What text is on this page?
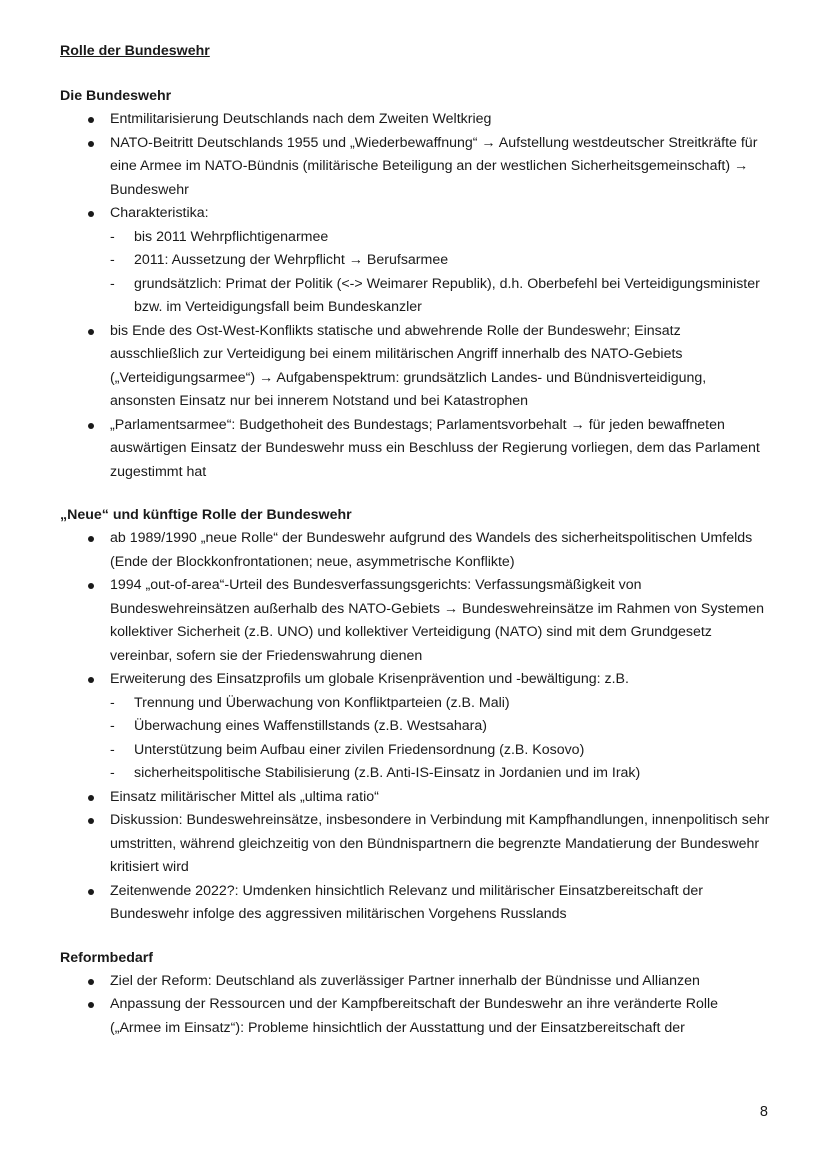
Rolle der Bundeswehr
Die Bundeswehr
Entmilitarisierung Deutschlands nach dem Zweiten Weltkrieg
NATO-Beitritt Deutschlands 1955 und „Wiederbewaffnung“ → Aufstellung westdeutscher Streitkräfte für eine Armee im NATO-Bündnis (militärische Beteiligung an der westlichen Sicherheitsgemeinschaft) → Bundeswehr
Charakteristika:
- bis 2011 Wehrpflichtigenarmee
- 2011: Aussetzung der Wehrpflicht → Berufsarmee
- grundsätzlich: Primat der Politik (<-> Weimarer Republik), d.h. Oberbefehl bei Verteidigungsminister bzw. im Verteidigungsfall beim Bundeskanzler
bis Ende des Ost-West-Konflikts statische und abwehrende Rolle der Bundeswehr; Einsatz ausschließlich zur Verteidigung bei einem militärischen Angriff innerhalb des NATO-Gebiets („Verteidigungsarmee“) → Aufgabenspektrum: grundsätzlich Landes- und Bündnisverteidigung, ansonsten Einsatz nur bei innerem Notstand und bei Katastrophen
„Parlamentsarmee“: Budgethoheit des Bundestags; Parlamentsvorbehalt → für jeden bewaffneten auswärtigen Einsatz der Bundeswehr muss ein Beschluss der Regierung vorliegen, dem das Parlament zugestimmt hat
„Neue“ und künftige Rolle der Bundeswehr
ab 1989/1990 „neue Rolle“ der Bundeswehr aufgrund des Wandels des sicherheitspolitischen Umfelds (Ende der Blockkonfrontationen; neue, asymmetrische Konflikte)
1994 „out-of-area“-Urteil des Bundesverfassungsgerichts: Verfassungsmäßigkeit von Bundeswehreinsätzen außerhalb des NATO-Gebiets → Bundeswehreinsätze im Rahmen von Systemen kollektiver Sicherheit (z.B. UNO) und kollektiver Verteidigung (NATO) sind mit dem Grundgesetz vereinbar, sofern sie der Friedenswahrung dienen
Erweiterung des Einsatzprofils um globale Krisenprävention und -bewältigung: z.B.
- Trennung und Überwachung von Konfliktparteien (z.B. Mali)
- Überwachung eines Waffenstillstands (z.B. Westsahara)
- Unterstützung beim Aufbau einer zivilen Friedensordnung (z.B. Kosovo)
- sicherheitspolitische Stabilisierung (z.B. Anti-IS-Einsatz in Jordanien und im Irak)
Einsatz militärischer Mittel als „ultima ratio“
Diskussion: Bundeswehreinsätze, insbesondere in Verbindung mit Kampfhandlungen, innenpolitisch sehr umstritten, während gleichzeitig von den Bündnispartnern die begrenzte Mandatierung der Bundeswehr kritisiert wird
Zeitenwende 2022?: Umdenken hinsichtlich Relevanz und militärischer Einsatzbereitschaft der Bundeswehr infolge des aggressiven militärischen Vorgehens Russlands
Reformbedarf
Ziel der Reform: Deutschland als zuverlässiger Partner innerhalb der Bündnisse und Allianzen
Anpassung der Ressourcen und der Kampfbereitschaft der Bundeswehr an ihre veränderte Rolle („Armee im Einsatz“): Probleme hinsichtlich der Ausstattung und der Einsatzbereitschaft der
8
